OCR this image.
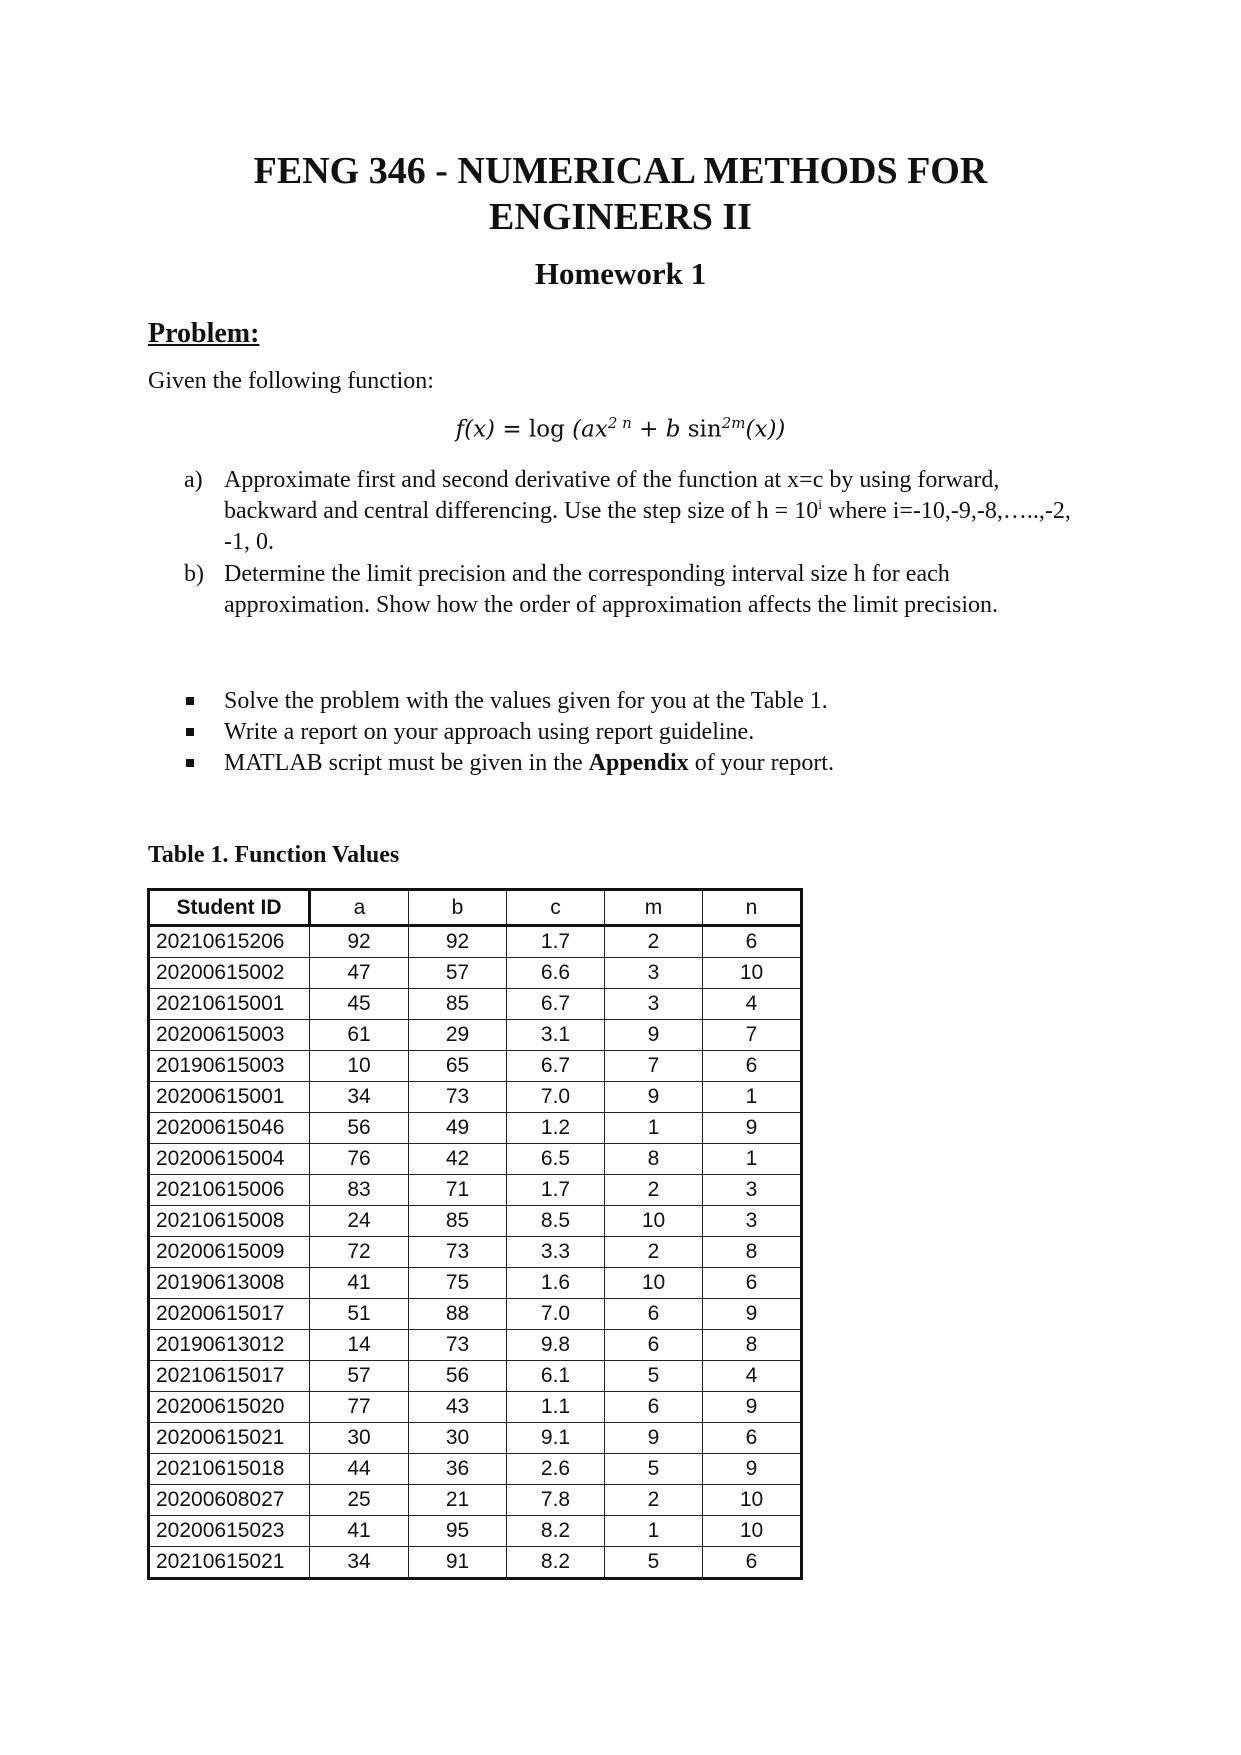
FENG 346 - NUMERICAL METHODS FOR
ENGINEERS II
Homework 1
Problem:
Given the following function:
$f(x) = \log (ax^{2 n} + b$ $\sin^{2m}(x)$)
a) Approximate first and second derivative of the function at x=c by using forward, backward and central differencing. Use the step size of $h = 10^i$ where i=-10,-9,-8,…..,-2, -1, 0.
b) Determine the limit precision and the corresponding interval size h for each approximation. Show how the order of approximation affects the limit precision.
Solve the problem with the values given for you at the Table 1.
Write a report on your approach using report guideline.
MATLAB script must be given in the Appendix of your report.
Table 1. Function Values
Student ID	a	b	c	m	n
20210615206	92	92	1.7	2	6
20200615002	47	57	6.6	3	10
20210615001	45	85	6.7	3	4
20200615003	61	29	3.1	9	7
20190615003	10	65	6.7	7	6
20200615001	34	73	7.0	9	1
20200615046	56	49	1.2	1	9
20200615004	76	42	6.5	8	1
20210615006	83	71	1.7	2	3
20210615008	24	85	8.5	10	3
20200615009	72	73	3.3	2	8
20190613008	41	75	1.6	10	6
20200615017	51	88	7.0	6	9
20190613012	14	73	9.8	6	8
20210615017	57	56	6.1	5	4
20200615020	77	43	1.1	6	9
20200615021	30	30	9.1	9	6
20210615018	44	36	2.6	5	9
20200608027	25	21	7.8	2	10
20200615023	41	95	8.2	1	10
20210615021	34	91	8.2	5	6
